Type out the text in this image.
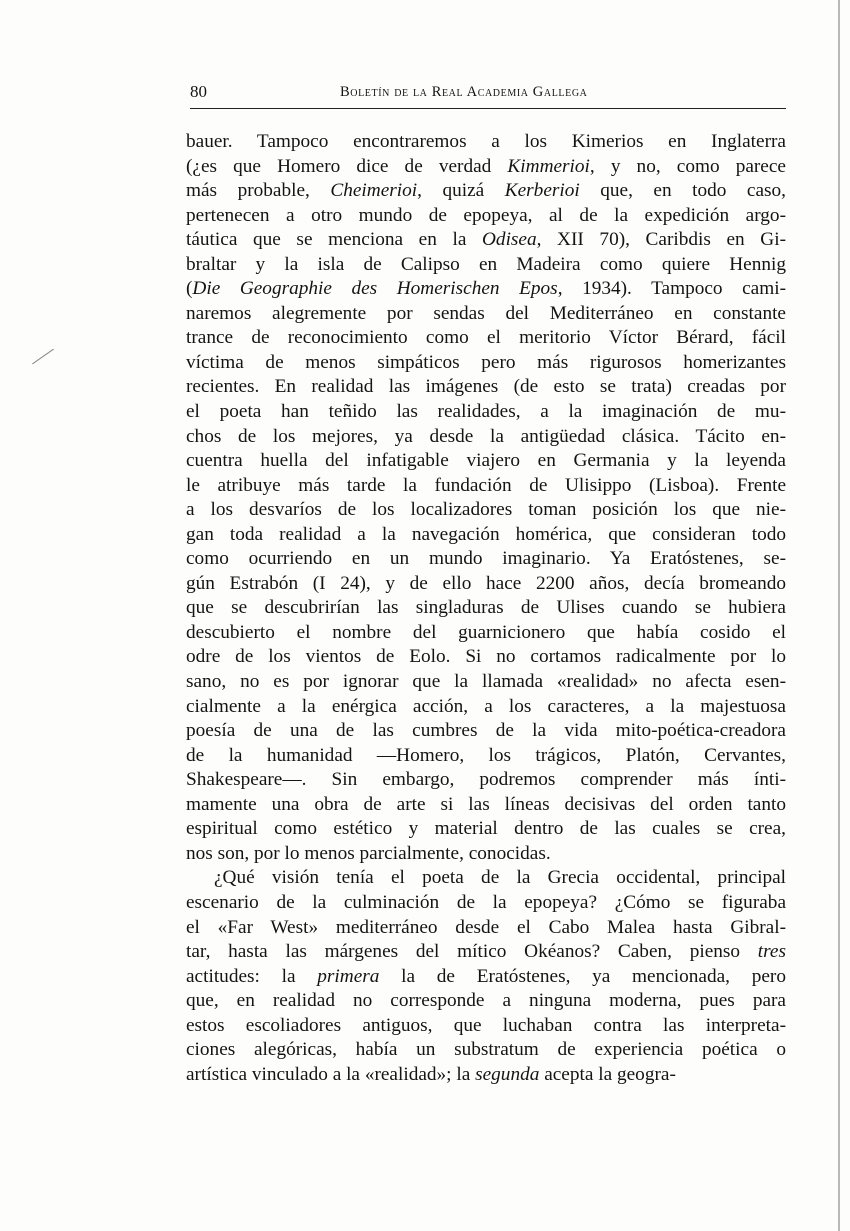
80	Boletín de la Real Academia Gallega
bauer. Tampoco encontraremos a los Kimerios en Inglaterra
(¿es que Homero dice de verdad Kimmerioi, y no, como parece
más probable, Cheimerioi, quizá Kerberioi que, en todo caso,
pertenecen a otro mundo de epopeya, al de la expedición argo-
táutica que se menciona en la Odisea, XII 70), Caribdis en Gi-
braltar y la isla de Calipso en Madeira como quiere Hennig
(Die Geographie des Homerischen Epos, 1934). Tampoco cami-
naremos alegremente por sendas del Mediterráneo en constante
trance de reconocimiento como el meritorio Víctor Bérard, fácil
víctima de menos simpáticos pero más rigurosos homerizantes
recientes. En realidad las imágenes (de esto se trata) creadas por
el poeta han teñido las realidades, a la imaginación de mu-
chos de los mejores, ya desde la antigüedad clásica. Tácito en-
cuentra huella del infatigable viajero en Germania y la leyenda
le atribuye más tarde la fundación de Ulisippo (Lisboa). Frente
a los desvaríos de los localizadores toman posición los que nie-
gan toda realidad a la navegación homérica, que consideran todo
como ocurriendo en un mundo imaginario. Ya Eratóstenes, se-
gún Estrabón (I 24), y de ello hace 2200 años, decía bromeando
que se descubrirían las singladuras de Ulises cuando se hubiera
descubierto el nombre del guarnicionero que había cosido el
odre de los vientos de Eolo. Si no cortamos radicalmente por lo
sano, no es por ignorar que la llamada «realidad» no afecta esen-
cialmente a la enérgica acción, a los caracteres, a la majestuosa
poesía de una de las cumbres de la vida mito-poética-creadora
de la humanidad —Homero, los trágicos, Platón, Cervantes,
Shakespeare—. Sin embargo, podremos comprender más ínti-
mamente una obra de arte si las líneas decisivas del orden tanto
espiritual como estético y material dentro de las cuales se crea,
nos son, por lo menos parcialmente, conocidas.
¿Qué visión tenía el poeta de la Grecia occidental, principal
escenario de la culminación de la epopeya? ¿Cómo se figuraba
el «Far West» mediterráneo desde el Cabo Malea hasta Gibral-
tar, hasta las márgenes del mítico Okéanos? Caben, pienso tres
actitudes: la primera la de Eratóstenes, ya mencionada, pero
que, en realidad no corresponde a ninguna moderna, pues para
estos escoliadores antiguos, que luchaban contra las interpreta-
ciones alegóricas, había un substratum de experiencia poética o
artística vinculado a la «realidad»; la segunda acepta la geogra-
